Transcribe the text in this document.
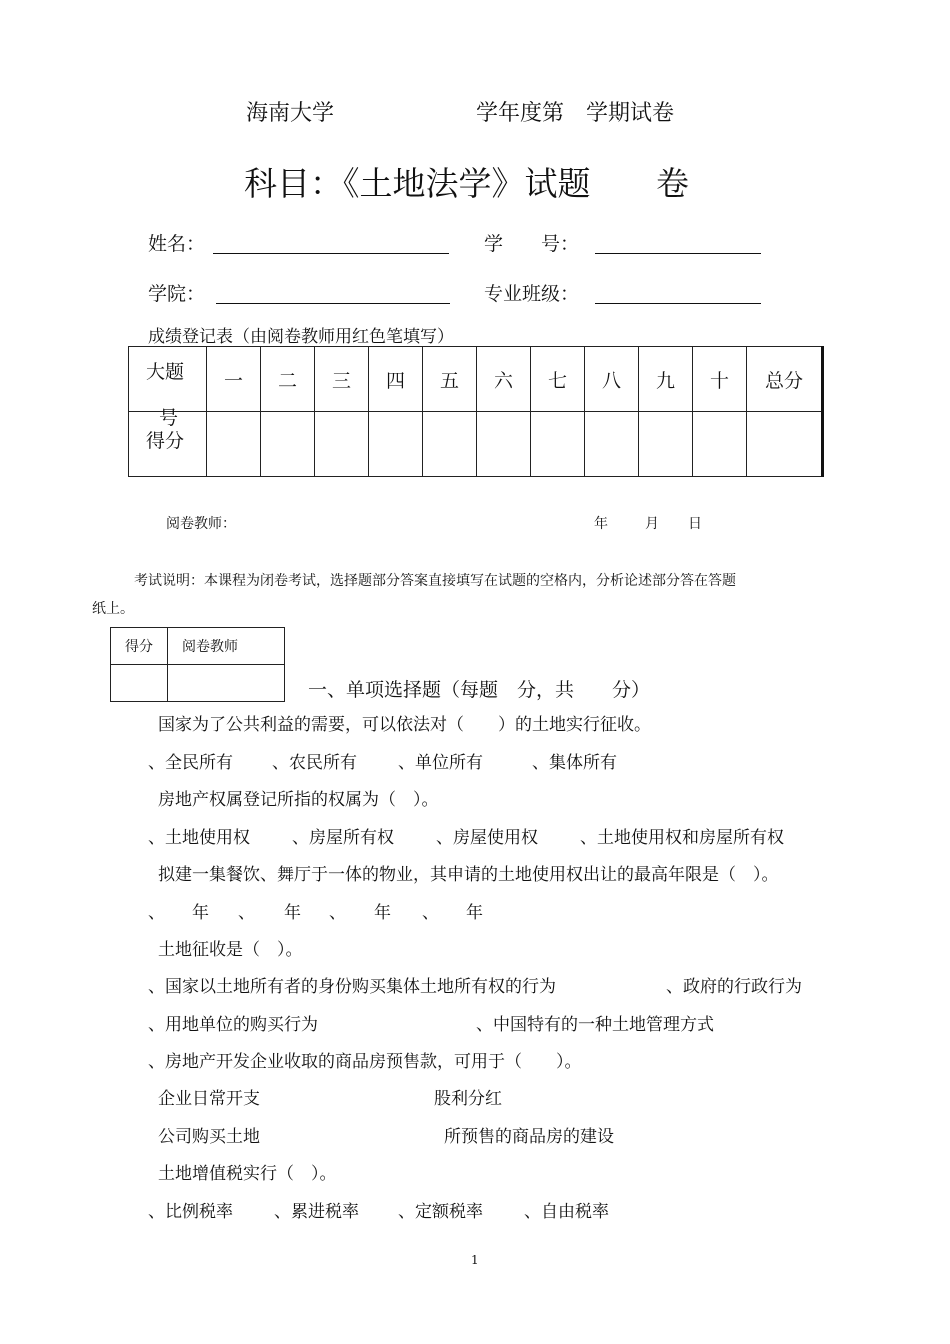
海南大学	学年度第　学期试卷
科目：《土地法学》试题 卷
姓名：	学　　号：
学院：	专业班级：
成绩登记表（由阅卷教师用红色笔填写）
大题
号	一	二	三	四	五	六	七	八	九	十	总分

得分											

阅卷教师：	年	月 日
考试说明：本课程为闭卷考试，选择题部分答案直接填写在试题的空格内，分析论述部分答在答题
纸上。
得分	阅卷教师

一、单项选择题（每题　分，共　　分）
国家为了公共利益的需要，可以依法对（　　）的土地实行征收。
、全民所有 、农民所有 、单位所有	、集体所有
房地产权属登记所指的权属为（　）。
、土地使用权 、房屋所有权 、房屋使用权 、土地使用权和房屋所有权
拟建一集餐饮、舞厅于一体的物业，其申请的土地使用权出让的最高年限是（　）。
、 年 、 年 、 年 、 年
土地征收是（　）。
、国家以土地所有者的身份购买集体土地所有权的行为	、政府的行政行为
、用地单位的购买行为	、中国特有的一种土地管理方式
、房地产开发企业收取的商品房预售款，可用于（　　）。
企业日常开支	股利分红
公司购买土地	所预售的商品房的建设
土地增值税实行（　）。
、比例税率 、累进税率 、定额税率 、自由税率
1
